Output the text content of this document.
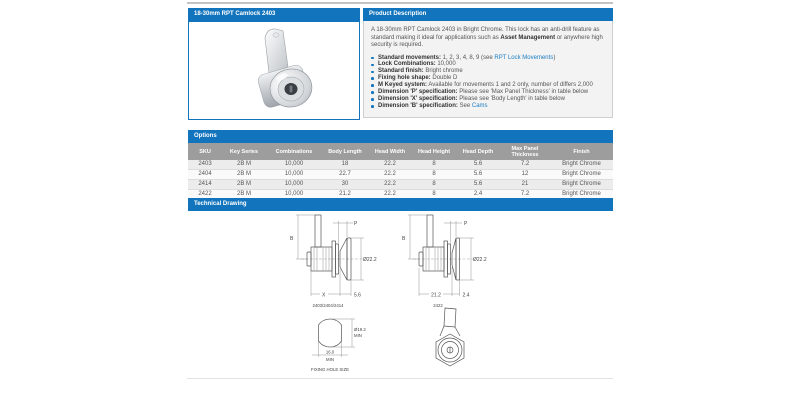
18-30mm RPT Camlock 2403	Product Description

A 18-30mm RPT Camlock 2403 in Bright Chrome. This lock has an anti-drill feature as standard making it ideal for applications such as Asset Management or anywhere high security is required.

Standard movements: 1, 2, 3, 4, 8, 9 (see RPT Lock Movements)
Lock Combinations: 10,000
Standard finish: Bright chrome
Fixing hole shape: Double D
M Keyed system: Available for movements 1 and 2 only, number of differs 2,000
Dimension 'P' specification: Please see 'Max Panel Thickness' in table below
Dimension 'X' specification: Please see 'Body Length' in table below
Dimension 'B' specification: See Cams
Options
SKU	Key Series	Combinations	Body Length	Head Width	Head Height	Head Depth	Max Panel Thickness	Finish
2403	2B M	10,000	18	22.2	8	5.6	7.2	Bright Chrome
2404	2B M	10,000	22.7	22.2	8	5.6	12	Bright Chrome
2414	2B M	10,000	30	22.2	8	5.6	21	Bright Chrome
2422	2B M	10,000	21.2	22.2	8	2.4	7.2	Bright Chrome
Technical Drawing
B
P
Ø22.2
X	5.6
2403/2404/2414
B
P
Ø22.2
21.2	2.4
2422
Ø19.2
MIN
16.0
MIN
FIXING HOLE SIZE
